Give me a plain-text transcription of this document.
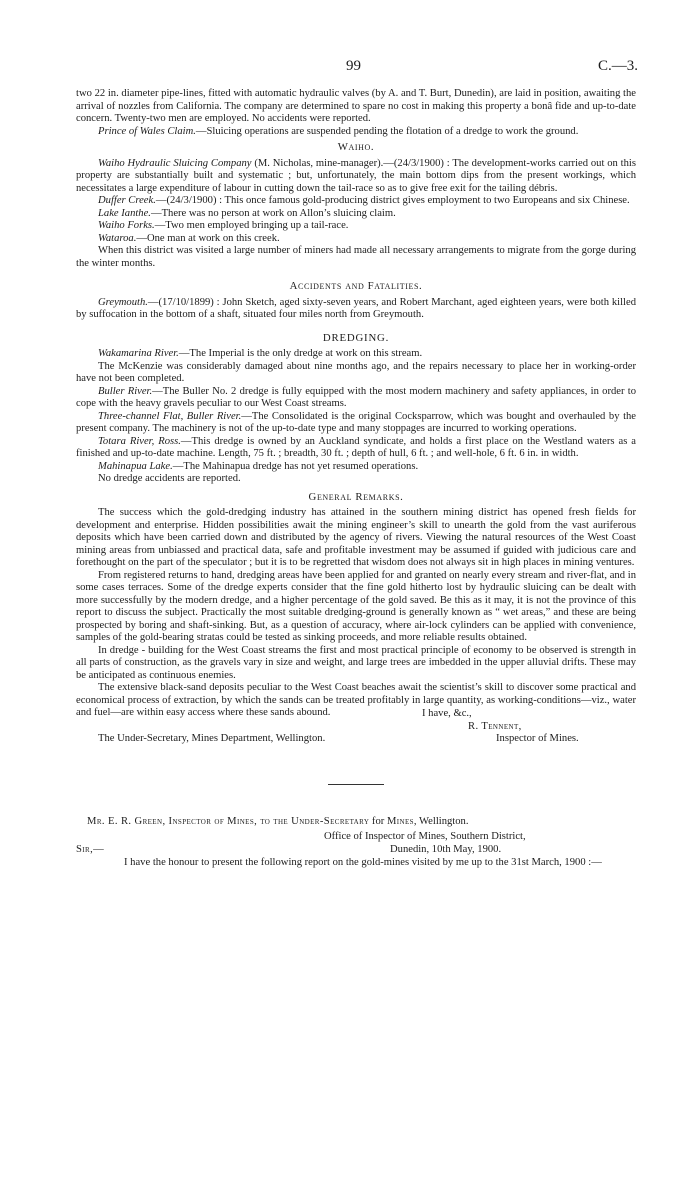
99	C.—3.

two 22 in. diameter pipe-lines, fitted with automatic hydraulic valves (by A. and T. Burt, Dunedin), are laid in position, awaiting the arrival of nozzles from California. The company are determined to spare no cost in making this property a bonâ fide and up-to-date concern. Twenty-two men are employed. No accidents were reported.

Prince of Wales Claim.—Sluicing operations are suspended pending the flotation of a dredge to work the ground.

Waiho.

Waiho Hydraulic Sluicing Company (M. Nicholas, mine-manager).—(24/3/1900) : The development-works carried out on this property are substantially built and systematic ; but, unfortunately, the main bottom dips from the present workings, which necessitates a large expenditure of labour in cutting down the tail-race so as to give free exit for the tailing débris.

Duffer Creek.—(24/3/1900) : This once famous gold-producing district gives employment to two Europeans and six Chinese.

Lake Ianthe.—There was no person at work on Allon’s sluicing claim.

Waiho Forks.—Two men employed bringing up a tail-race.

Wataroa.—One man at work on this creek.

When this district was visited a large number of miners had made all necessary arrangements to migrate from the gorge during the winter months.

Accidents and Fatalities.

Greymouth.—(17/10/1899) : John Sketch, aged sixty-seven years, and Robert Marchant, aged eighteen years, were both killed by suffocation in the bottom of a shaft, situated four miles north from Greymouth.

DREDGING.

Wakamarina River.—The Imperial is the only dredge at work on this stream.

The McKenzie was considerably damaged about nine months ago, and the repairs necessary to place her in working-order have not been completed.

Buller River.—The Buller No. 2 dredge is fully equipped with the most modern machinery and safety appliances, in order to cope with the heavy gravels peculiar to our West Coast streams.

Three-channel Flat, Buller River.—The Consolidated is the original Cocksparrow, which was bought and overhauled by the present company. The machinery is not of the up-to-date type and many stoppages are incurred to working operations.

Totara River, Ross.—This dredge is owned by an Auckland syndicate, and holds a first place on the Westland waters as a finished and up-to-date machine. Length, 75 ft. ; breadth, 30 ft. ; depth of hull, 6 ft. ; and well-hole, 6 ft. 6 in. in width.

Mahinapua Lake.—The Mahinapua dredge has not yet resumed operations.

No dredge accidents are reported.

General Remarks.

The success which the gold-dredging industry has attained in the southern mining district has opened fresh fields for development and enterprise. Hidden possibilities await the mining engineer’s skill to unearth the gold from the vast auriferous deposits which have been carried down and distributed by the agency of rivers. Viewing the natural resources of the West Coast mining areas from unbiassed and practical data, safe and profitable investment may be assumed if guided with judicious care and forethought on the part of the speculator ; but it is to be regretted that wisdom does not always sit in high places in mining ventures.

From registered returns to hand, dredging areas have been applied for and granted on nearly every stream and river-flat, and in some cases terraces. Some of the dredge experts consider that the fine gold hitherto lost by hydraulic sluicing can be dealt with more successfully by the modern dredge, and a higher percentage of the gold saved. Be this as it may, it is not the province of this report to discuss the subject. Practically the most suitable dredging-ground is generally known as “ wet areas,” and these are being prospected by boring and shaft-sinking. But, as a question of accuracy, where air-lock cylinders can be applied with convenience, samples of the gold-bearing stratas could be tested as sinking proceeds, and more reliable results obtained.

In dredge - building for the West Coast streams the first and most practical principle of economy to be observed is strength in all parts of construction, as the gravels vary in size and weight, and large trees are imbedded in the upper alluvial drifts. These may be anticipated as continuous enemies.

The extensive black-sand deposits peculiar to the West Coast beaches await the scientist’s skill to discover some practical and economical process of extraction, by which the sands can be treated profitably in large quantity, as working-conditions—viz., water and fuel—are within easy access where these sands abound.	I have, &c.,
R. Tennent,
The Under-Secretary, Mines Department, Wellington.	Inspector of Mines.
Mr. E. R. Green, Inspector of Mines, to the Under-Secretary for Mines, Wellington.
Office of Inspector of Mines, Southern District,
Sir,—	Dunedin, 10th May, 1900.

I have the honour to present the following report on the gold-mines visited by me up to the 31st March, 1900 :—
